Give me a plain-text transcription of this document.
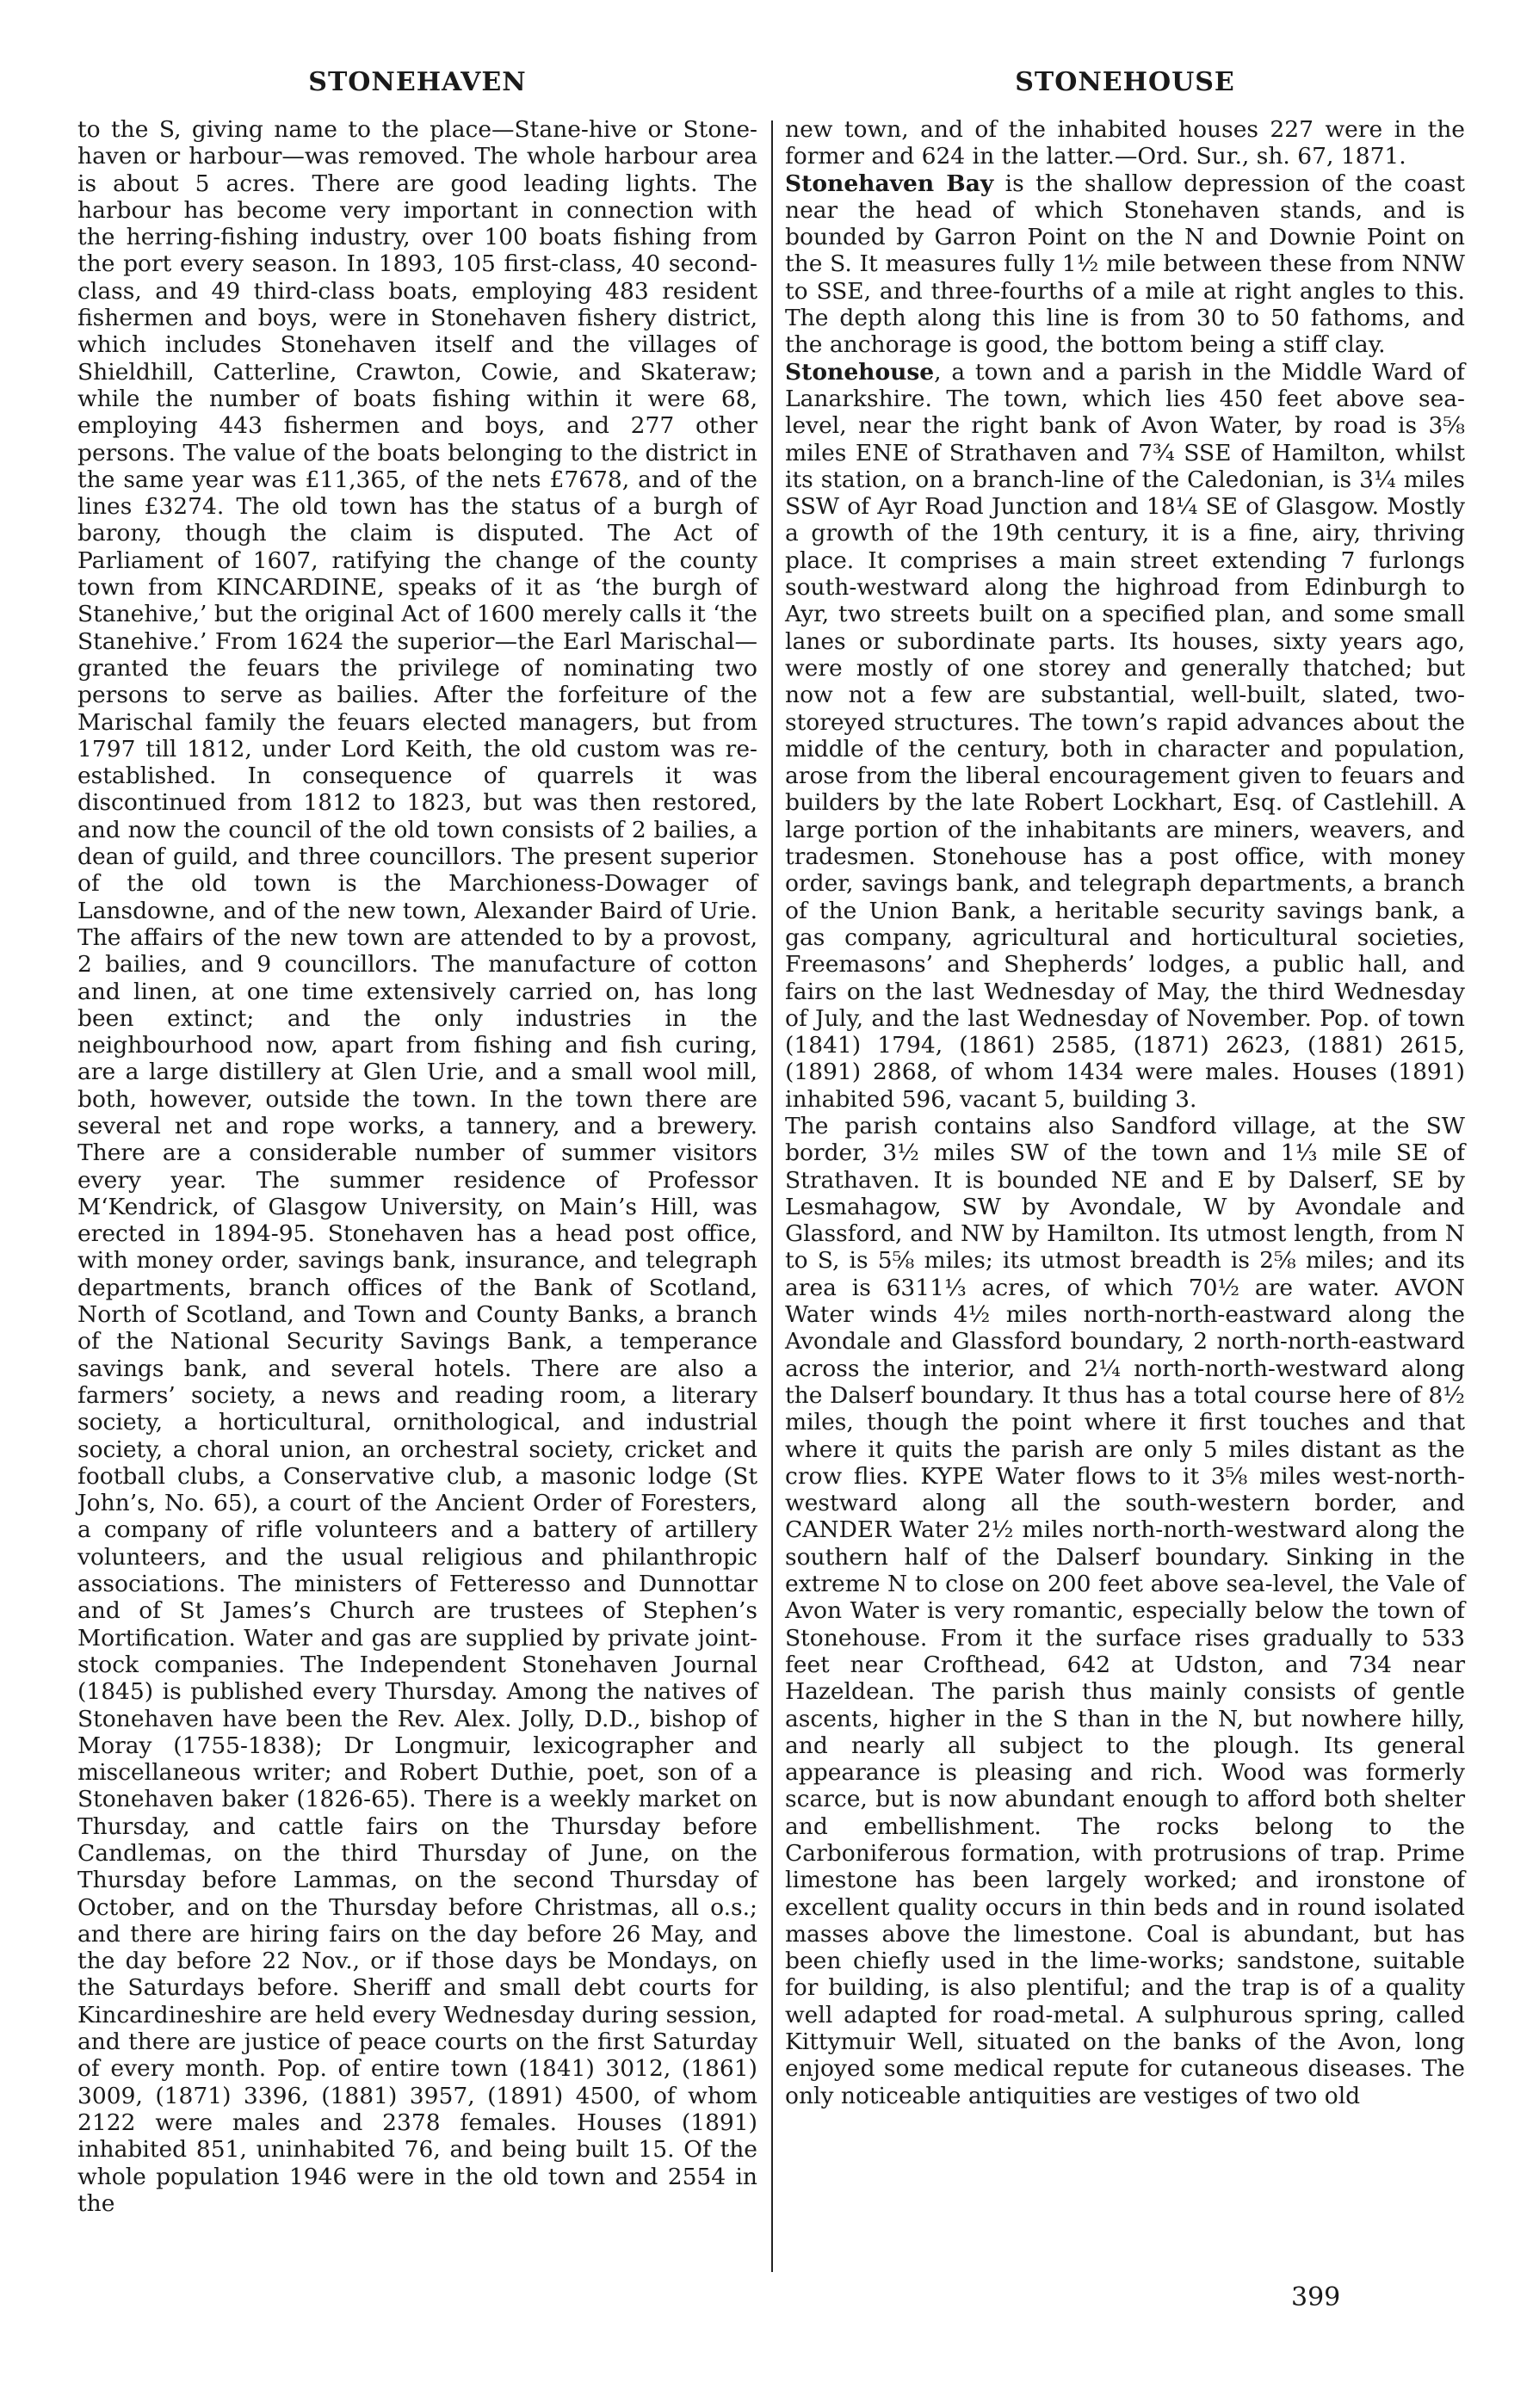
STONEHAVEN	STONEHOUSE

to the S, giving name to the place—Stane-hive or Stone-haven or harbour—was removed. The whole harbour area is about 5 acres. There are good leading lights. The harbour has become very important in connection with the herring-fishing industry, over 100 boats fishing from the port every season. In 1893, 105 first-class, 40 second-class, and 49 third-class boats, employing 483 resident fishermen and boys, were in Stonehaven fishery district, which includes Stonehaven itself and the villages of Shieldhill, Catterline, Crawton, Cowie, and Skateraw; while the number of boats fishing within it were 68, employing 443 fishermen and boys, and 277 other persons. The value of the boats belonging to the district in the same year was £11,365, of the nets £7678, and of the lines £3274. The old town has the status of a burgh of barony, though the claim is disputed. The Act of Parliament of 1607, ratifying the change of the county town from KINCARDINE, speaks of it as ‘the burgh of Stanehive,’ but the original Act of 1600 merely calls it ‘the Stanehive.’ From 1624 the superior—the Earl Marischal—granted the feuars the privilege of nominating two persons to serve as bailies. After the forfeiture of the Marischal family the feuars elected managers, but from 1797 till 1812, under Lord Keith, the old custom was re-established. In consequence of quarrels it was discontinued from 1812 to 1823, but was then restored, and now the council of the old town consists of 2 bailies, a dean of guild, and three councillors. The present superior of the old town is the Marchioness-Dowager of Lansdowne, and of the new town, Alexander Baird of Urie. The affairs of the new town are attended to by a provost, 2 bailies, and 9 councillors. The manufacture of cotton and linen, at one time extensively carried on, has long been extinct; and the only industries in the neighbourhood now, apart from fishing and fish curing, are a large distillery at Glen Urie, and a small wool mill, both, however, outside the town. In the town there are several net and rope works, a tannery, and a brewery. There are a considerable number of summer visitors every year. The summer residence of Professor M‘Kendrick, of Glasgow University, on Main’s Hill, was erected in 1894-95. Stonehaven has a head post office, with money order, savings bank, insurance, and telegraph departments, branch offices of the Bank of Scotland, North of Scotland, and Town and County Banks, a branch of the National Security Savings Bank, a temperance savings bank, and several hotels. There are also a farmers’ society, a news and reading room, a literary society, a horticultural, ornithological, and industrial society, a choral union, an orchestral society, cricket and football clubs, a Conservative club, a masonic lodge (St John’s, No. 65), a court of the Ancient Order of Foresters, a company of rifle volunteers and a battery of artillery volunteers, and the usual religious and philanthropic associations. The ministers of Fetteresso and Dunnottar and of St James’s Church are trustees of Stephen’s Mortification. Water and gas are supplied by private joint-stock companies. The Independent Stonehaven Journal (1845) is published every Thursday. Among the natives of Stonehaven have been the Rev. Alex. Jolly, D.D., bishop of Moray (1755-1838); Dr Longmuir, lexicographer and miscellaneous writer; and Robert Duthie, poet, son of a Stonehaven baker (1826-65). There is a weekly market on Thursday, and cattle fairs on the Thursday before Candlemas, on the third Thursday of June, on the Thursday before Lammas, on the second Thursday of October, and on the Thursday before Christmas, all o.s.; and there are hiring fairs on the day before 26 May, and the day before 22 Nov., or if those days be Mondays, on the Saturdays before. Sheriff and small debt courts for Kincardineshire are held every Wednesday during session, and there are justice of peace courts on the first Saturday of every month. Pop. of entire town (1841) 3012, (1861) 3009, (1871) 3396, (1881) 3957, (1891) 4500, of whom 2122 were males and 2378 females. Houses (1891) inhabited 851, uninhabited 76, and being built 15. Of the whole population 1946 were in the old town and 2554 in the

new town, and of the inhabited houses 227 were in the former and 624 in the latter.—Ord. Sur., sh. 67, 1871.

Stonehaven Bay is the shallow depression of the coast near the head of which Stonehaven stands, and is bounded by Garron Point on the N and Downie Point on the S. It measures fully 1½ mile between these from NNW to SSE, and three-fourths of a mile at right angles to this. The depth along this line is from 30 to 50 fathoms, and the anchorage is good, the bottom being a stiff clay.

Stonehouse, a town and a parish in the Middle Ward of Lanarkshire. The town, which lies 450 feet above sea-level, near the right bank of Avon Water, by road is 3⅝ miles ENE of Strathaven and 7¾ SSE of Hamilton, whilst its station, on a branch-line of the Caledonian, is 3¼ miles SSW of Ayr Road Junction and 18¼ SE of Glasgow. Mostly a growth of the 19th century, it is a fine, airy, thriving place. It comprises a main street extending 7 furlongs south-westward along the highroad from Edinburgh to Ayr, two streets built on a specified plan, and some small lanes or subordinate parts. Its houses, sixty years ago, were mostly of one storey and generally thatched; but now not a few are substantial, well-built, slated, two-storeyed structures. The town’s rapid advances about the middle of the century, both in character and population, arose from the liberal encouragement given to feuars and builders by the late Robert Lockhart, Esq. of Castlehill. A large portion of the inhabitants are miners, weavers, and tradesmen. Stonehouse has a post office, with money order, savings bank, and telegraph departments, a branch of the Union Bank, a heritable security savings bank, a gas company, agricultural and horticultural societies, Freemasons’ and Shepherds’ lodges, a public hall, and fairs on the last Wednesday of May, the third Wednesday of July, and the last Wednesday of November. Pop. of town (1841) 1794, (1861) 2585, (1871) 2623, (1881) 2615, (1891) 2868, of whom 1434 were males. Houses (1891) inhabited 596, vacant 5, building 3.

The parish contains also Sandford village, at the SW border, 3½ miles SW of the town and 1⅓ mile SE of Strathaven. It is bounded NE and E by Dalserf, SE by Lesmahagow, SW by Avondale, W by Avondale and Glassford, and NW by Hamilton. Its utmost length, from N to S, is 5⅝ miles; its utmost breadth is 2⅝ miles; and its area is 6311⅓ acres, of which 70½ are water. AVON Water winds 4½ miles north-north-eastward along the Avondale and Glassford boundary, 2 north-north-eastward across the interior, and 2¼ north-north-westward along the Dalserf boundary. It thus has a total course here of 8½ miles, though the point where it first touches and that where it quits the parish are only 5 miles distant as the crow flies. KYPE Water flows to it 3⅝ miles west-north-westward along all the south-western border, and CANDER Water 2½ miles north-north-westward along the southern half of the Dalserf boundary. Sinking in the extreme N to close on 200 feet above sea-level, the Vale of Avon Water is very romantic, especially below the town of Stonehouse. From it the surface rises gradually to 533 feet near Crofthead, 642 at Udston, and 734 near Hazeldean. The parish thus mainly consists of gentle ascents, higher in the S than in the N, but nowhere hilly, and nearly all subject to the plough. Its general appearance is pleasing and rich. Wood was formerly scarce, but is now abundant enough to afford both shelter and embellishment. The rocks belong to the Carboniferous formation, with protrusions of trap. Prime limestone has been largely worked; and ironstone of excellent quality occurs in thin beds and in round isolated masses above the limestone. Coal is abundant, but has been chiefly used in the lime-works; sandstone, suitable for building, is also plentiful; and the trap is of a quality well adapted for road-metal. A sulphurous spring, called Kittymuir Well, situated on the banks of the Avon, long enjoyed some medical repute for cutaneous diseases. The only noticeable antiquities are vestiges of two old

399
